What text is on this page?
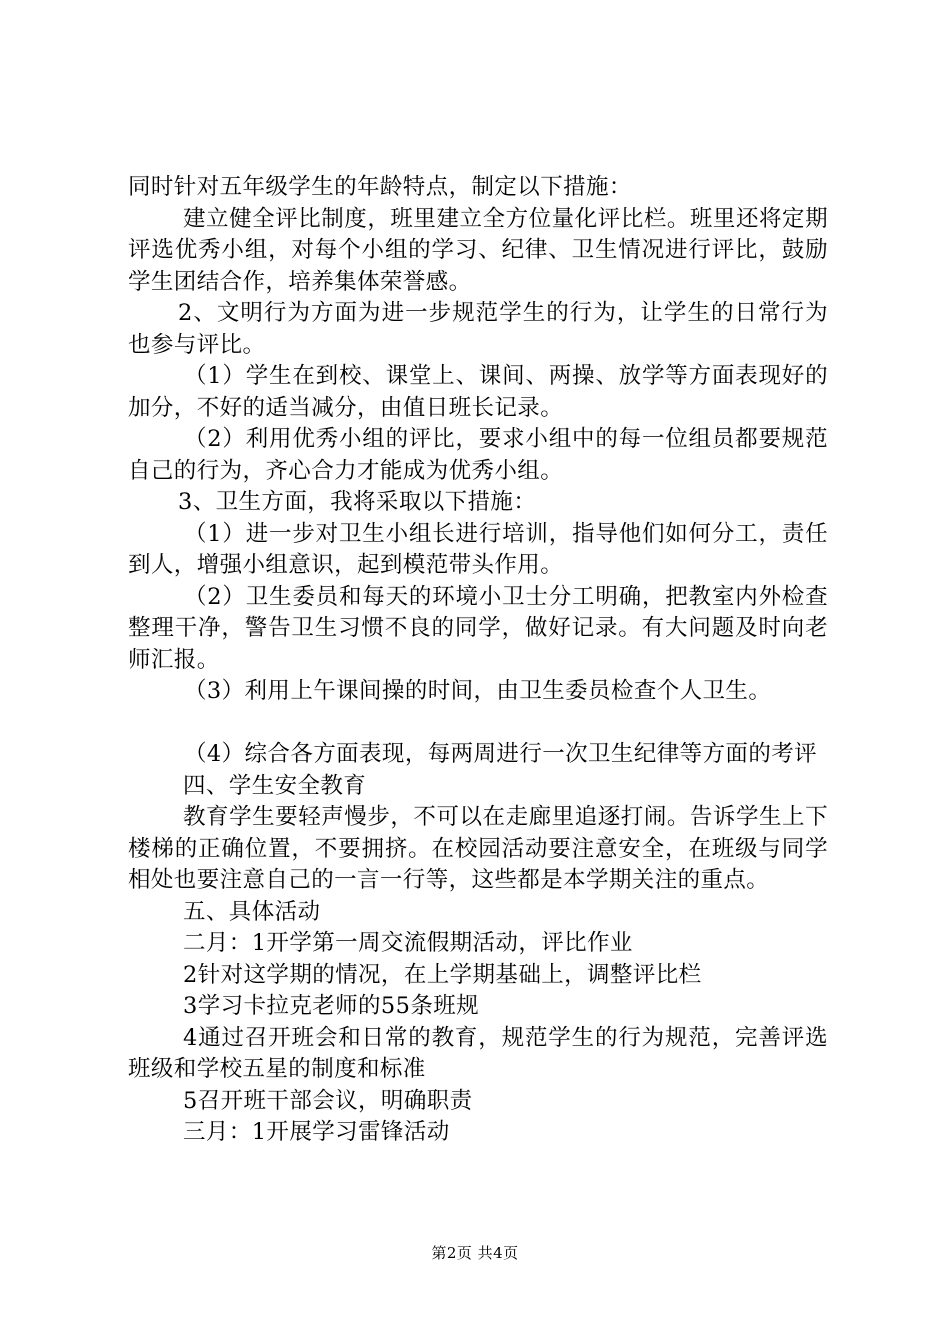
同时针对五年级学生的年龄特点，制定以下措施：

建立健全评比制度，班里建立全方位量化评比栏。班里还将定期评选优秀小组，对每个小组的学习、纪律、卫生情况进行评比，鼓励学生团结合作，培养集体荣誉感。

2、文明行为方面为进一步规范学生的行为，让学生的日常行为也参与评比。

（1）学生在到校、课堂上、课间、两操、放学等方面表现好的加分，不好的适当减分，由值日班长记录。

（2）利用优秀小组的评比，要求小组中的每一位组员都要规范自己的行为，齐心合力才能成为优秀小组。

3、卫生方面，我将采取以下措施：

（1）进一步对卫生小组长进行培训，指导他们如何分工，责任到人，增强小组意识，起到模范带头作用。

（2）卫生委员和每天的环境小卫士分工明确，把教室内外检查整理干净，警告卫生习惯不良的同学，做好记录。有大问题及时向老师汇报。

（3）利用上午课间操的时间，由卫生委员检查个人卫生。

（4）综合各方面表现，每两周进行一次卫生纪律等方面的考评

四、学生安全教育

教育学生要轻声慢步，不可以在走廊里追逐打闹。告诉学生上下楼梯的正确位置，不要拥挤。在校园活动要注意安全，在班级与同学相处也要注意自己的一言一行等，这些都是本学期关注的重点。

五、具体活动

二月：1开学第一周交流假期活动，评比作业

2针对这学期的情况，在上学期基础上，调整评比栏

3学习卡拉克老师的55条班规

4通过召开班会和日常的教育，规范学生的行为规范，完善评选班级和学校五星的制度和标准

5召开班干部会议，明确职责

三月：1开展学习雷锋活动

第2页 共4页
